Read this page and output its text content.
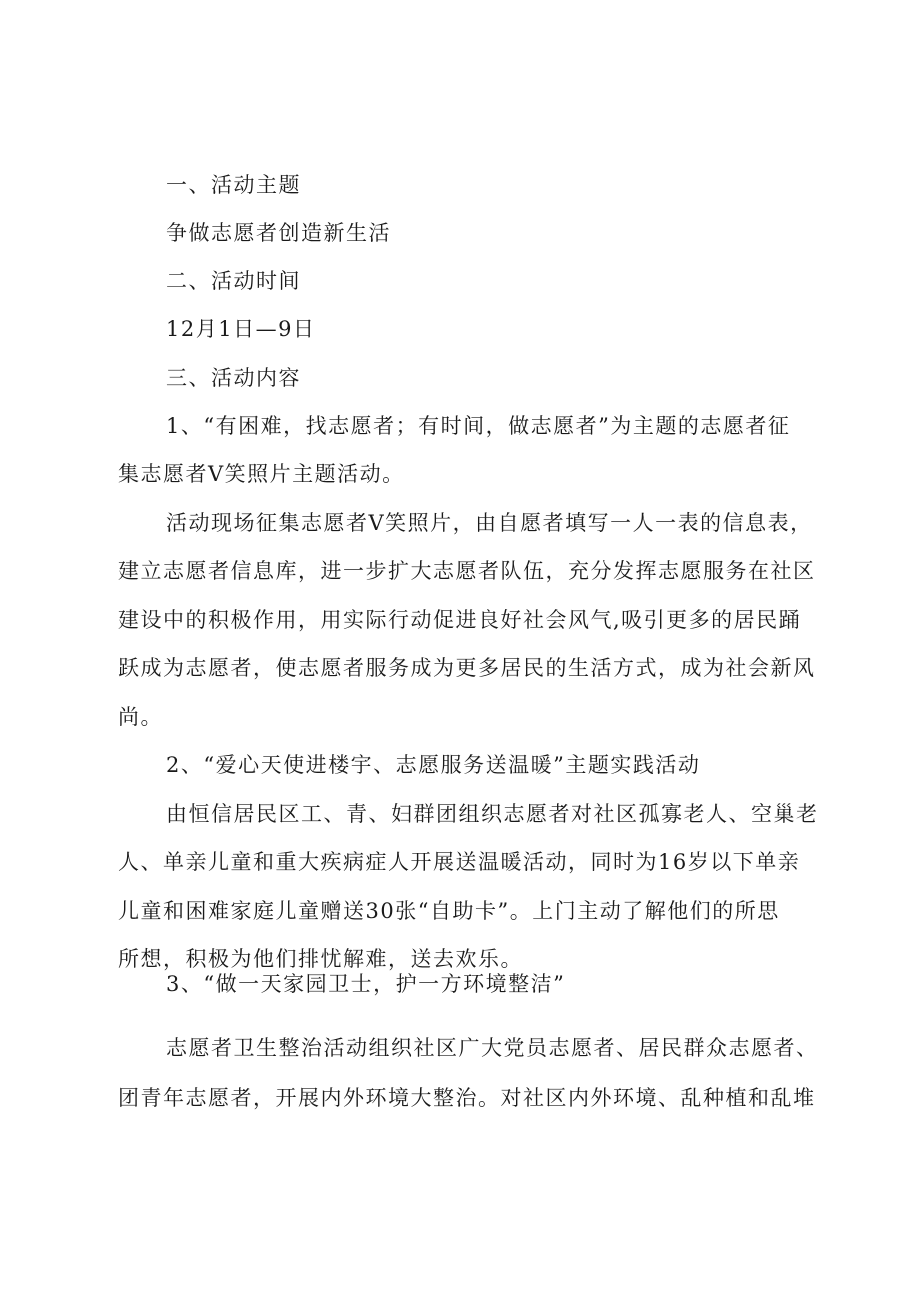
一、活动主题

争做志愿者创造新生活

二、活动时间

12月1日—9日

三、活动内容

1、“有困难，找志愿者；有时间，做志愿者”为主题的志愿者征

集志愿者V笑照片主题活动。

活动现场征集志愿者V笑照片，由自愿者填写一人一表的信息表，

建立志愿者信息库，进一步扩大志愿者队伍，充分发挥志愿服务在社区

建设中的积极作用，用实际行动促进良好社会风气,吸引更多的居民踊

跃成为志愿者，使志愿者服务成为更多居民的生活方式，成为社会新风

尚。

2、“爱心天使进楼宇、志愿服务送温暖”主题实践活动

由恒信居民区工、青、妇群团组织志愿者对社区孤寡老人、空巢老

人、单亲儿童和重大疾病症人开展送温暖活动，同时为16岁以下单亲

儿童和困难家庭儿童赠送30张“自助卡”。上门主动了解他们的所思

所想，积极为他们排忧解难，送去欢乐。

3、“做一天家园卫士，护一方环境整洁”

志愿者卫生整治活动组织社区广大党员志愿者、居民群众志愿者、

团青年志愿者，开展内外环境大整治。对社区内外环境、乱种植和乱堆
